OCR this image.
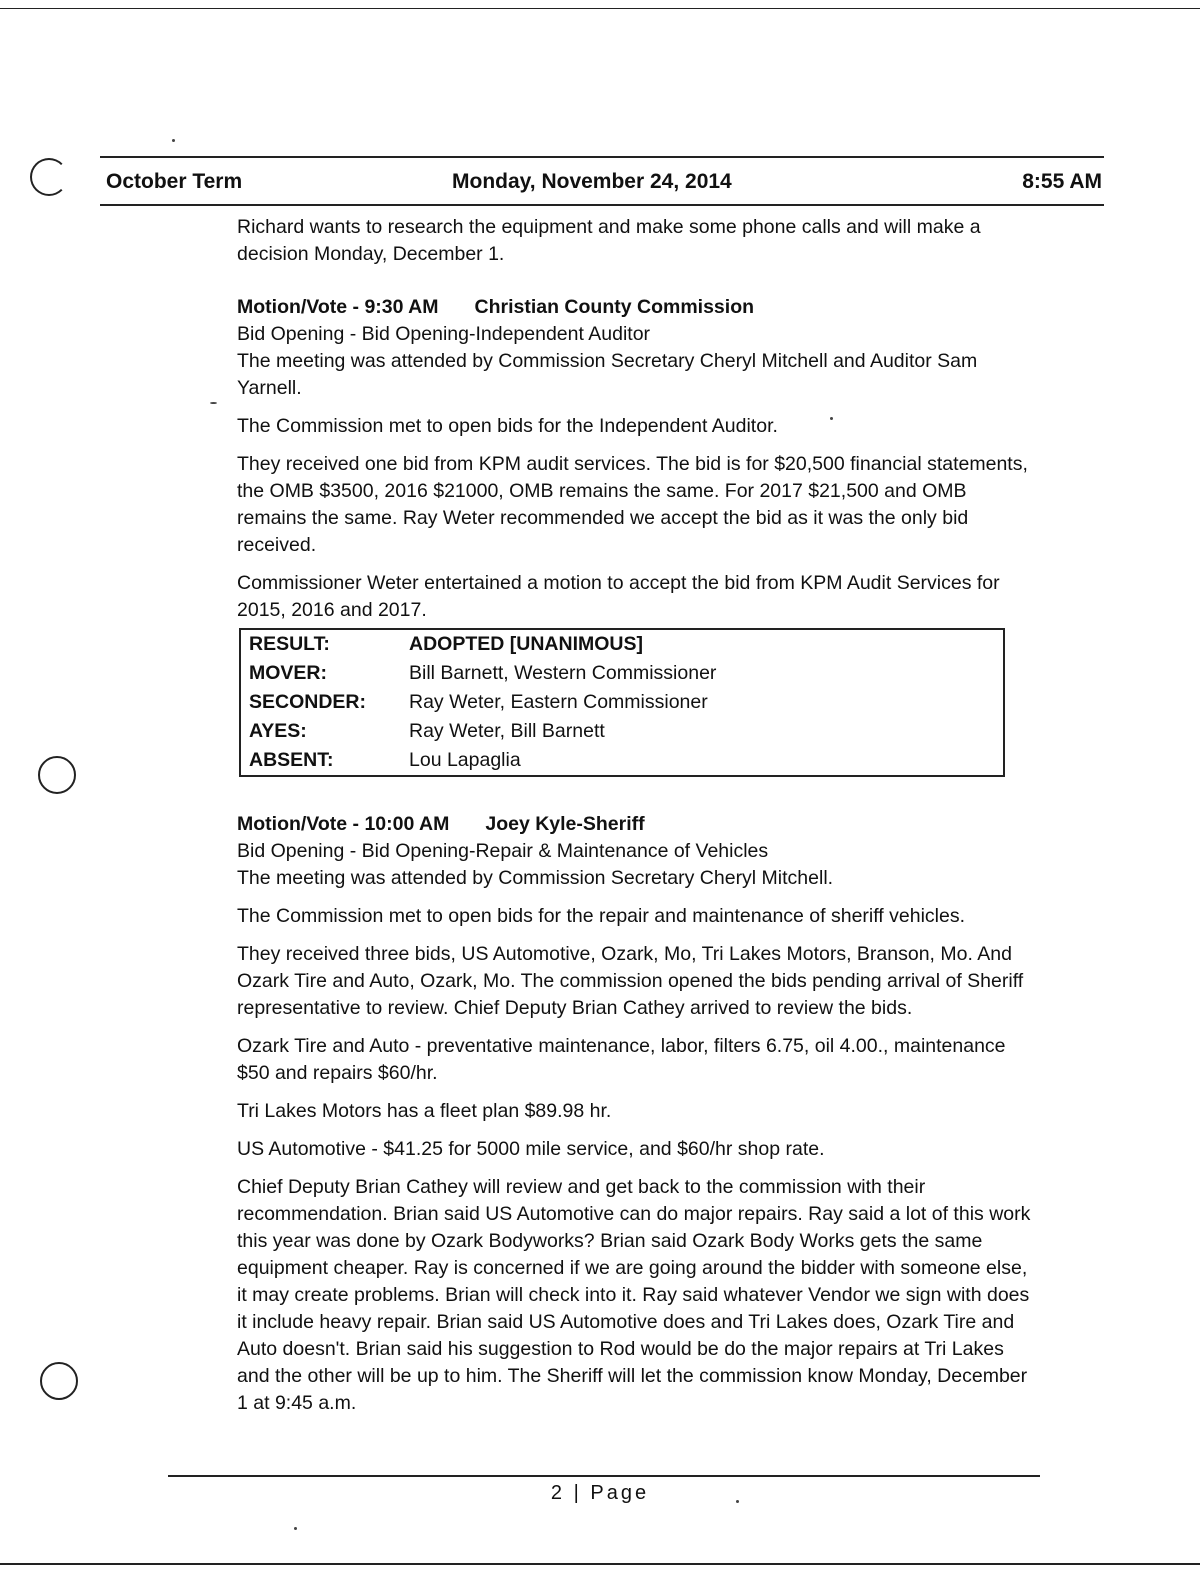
October Term	Monday, November 24, 2014	8:55 AM

Richard wants to research the equipment and make some phone calls and will make a decision Monday, December 1.

Motion/Vote - 9:30 AM Christian County Commission

Bid Opening - Bid Opening-Independent Auditor

The meeting was attended by Commission Secretary Cheryl Mitchell and Auditor Sam Yarnell.

The Commission met to open bids for the Independent Auditor.

They received one bid from KPM audit services. The bid is for $20,500 financial statements, the OMB $3500, 2016 $21000, OMB remains the same. For 2017 $21,500 and OMB remains the same. Ray Weter recommended we accept the bid as it was the only bid received.

Commissioner Weter entertained a motion to accept the bid from KPM Audit Services for 2015, 2016 and 2017.

RESULT:	ADOPTED [UNANIMOUS]
MOVER:	Bill Barnett, Western Commissioner
SECONDER:	Ray Weter, Eastern Commissioner
AYES:	Ray Weter, Bill Barnett
ABSENT:	Lou Lapaglia
Motion/Vote - 10:00 AM Joey Kyle-Sheriff

Bid Opening - Bid Opening-Repair & Maintenance of Vehicles

The meeting was attended by Commission Secretary Cheryl Mitchell.

The Commission met to open bids for the repair and maintenance of sheriff vehicles.

They received three bids, US Automotive, Ozark, Mo, Tri Lakes Motors, Branson, Mo. And Ozark Tire and Auto, Ozark, Mo. The commission opened the bids pending arrival of Sheriff representative to review. Chief Deputy Brian Cathey arrived to review the bids.

Ozark Tire and Auto - preventative maintenance, labor, filters 6.75, oil 4.00., maintenance $50 and repairs $60/hr.

Tri Lakes Motors has a fleet plan $89.98 hr.

US Automotive - $41.25 for 5000 mile service, and $60/hr shop rate.

Chief Deputy Brian Cathey will review and get back to the commission with their recommendation. Brian said US Automotive can do major repairs. Ray said a lot of this work this year was done by Ozark Bodyworks? Brian said Ozark Body Works gets the same equipment cheaper. Ray is concerned if we are going around the bidder with someone else, it may create problems. Brian will check into it. Ray said whatever Vendor we sign with does it include heavy repair. Brian said US Automotive does and Tri Lakes does, Ozark Tire and Auto doesn't. Brian said his suggestion to Rod would be do the major repairs at Tri Lakes and the other will be up to him. The Sheriff will let the commission know Monday, December 1 at 9:45 a.m.

2 | Page
